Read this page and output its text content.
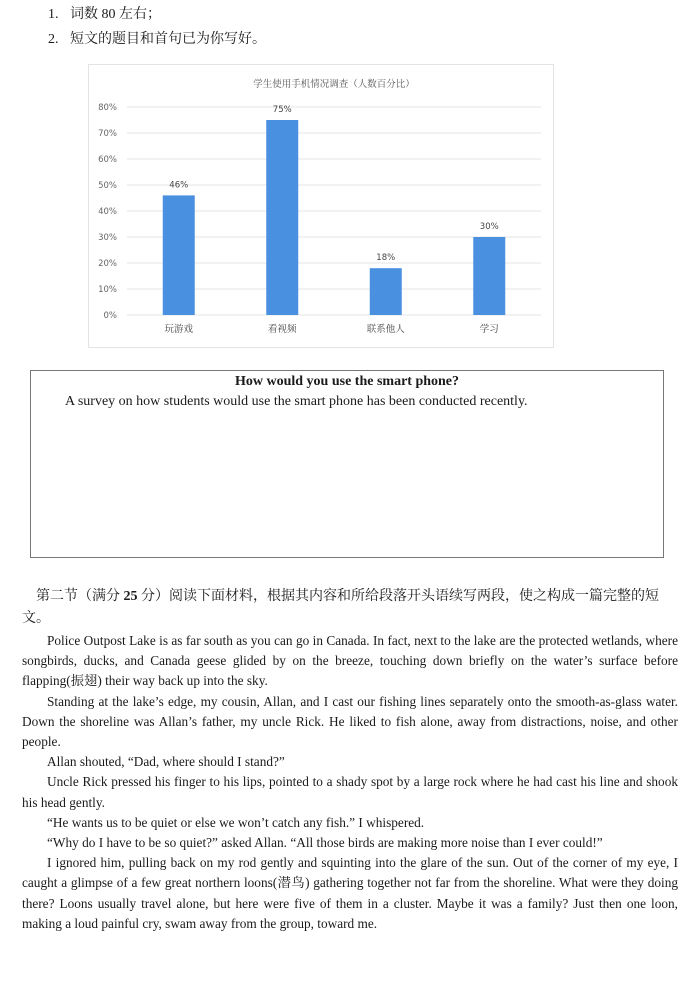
1. 词数 80 左右；
2. 短文的题目和首句已为你写好。
学生使用手机情况调查（人数百分比）
0%
10%
20%
30%
40%
50%
60%
70%
80%
46%
玩游戏
75%
看视频
18%
联系他人
30%
学习
How would you use the smart phone?
A survey on how students would use the smart phone has been conducted recently.
第二节（满分 25 分）阅读下面材料，根据其内容和所给段落开头语续写两段，使之构成一篇完整的短文。

Police Outpost Lake is as far south as you can go in Canada. In fact, next to the lake are the protected wetlands, where songbirds, ducks, and Canada geese glided by on the breeze, touching down briefly on the water’s surface before flapping(振翅) their way back up into the sky.

Standing at the lake’s edge, my cousin, Allan, and I cast our fishing lines separately onto the smooth-as-glass water. Down the shoreline was Allan’s father, my uncle Rick. He liked to fish alone, away from distractions, noise, and other people.

Allan shouted, “Dad, where should I stand?”

Uncle Rick pressed his finger to his lips, pointed to a shady spot by a large rock where he had cast his line and shook his head gently.

“He wants us to be quiet or else we won’t catch any fish.” I whispered.

“Why do I have to be so quiet?” asked Allan. “All those birds are making more noise than I ever could!”

I ignored him, pulling back on my rod gently and squinting into the glare of the sun. Out of the corner of my eye, I caught a glimpse of a few great northern loons(潜鸟) gathering together not far from the shoreline. What were they doing there? Loons usually travel alone, but here were five of them in a cluster. Maybe it was a family? Just then one loon, making a loud painful cry, swam away from the group, toward me.
